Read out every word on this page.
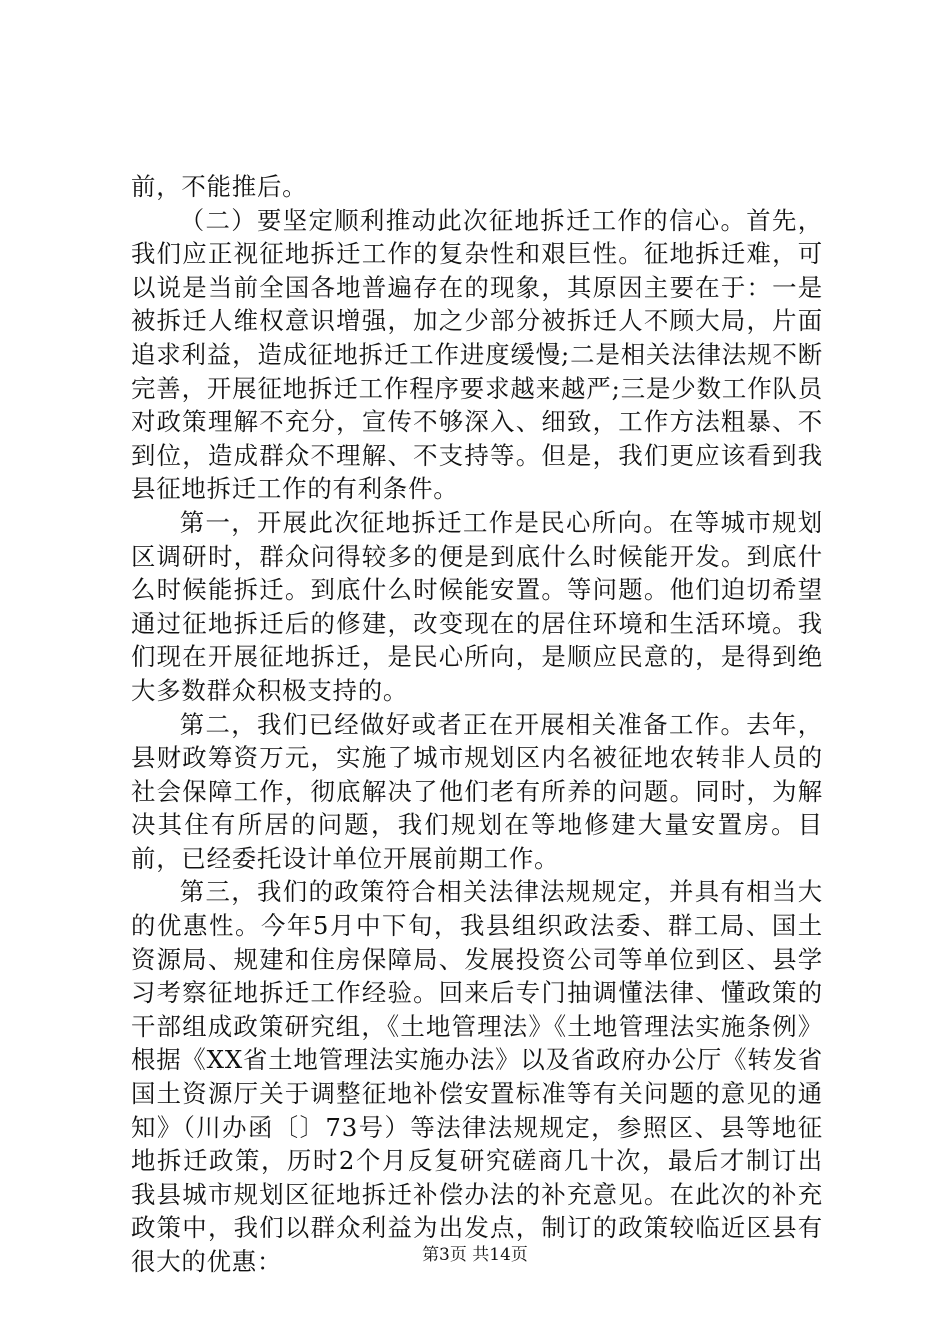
前，不能推后。

（二）要坚定顺利推动此次征地拆迁工作的信心。首先，我们应正视征地拆迁工作的复杂性和艰巨性。征地拆迁难，可以说是当前全国各地普遍存在的现象，其原因主要在于：一是被拆迁人维权意识增强，加之少部分被拆迁人不顾大局，片面追求利益，造成征地拆迁工作进度缓慢;二是相关法律法规不断完善，开展征地拆迁工作程序要求越来越严;三是少数工作队员对政策理解不充分，宣传不够深入、细致，工作方法粗暴、不到位，造成群众不理解、不支持等。但是，我们更应该看到我县征地拆迁工作的有利条件。

第一，开展此次征地拆迁工作是民心所向。在等城市规划区调研时，群众问得较多的便是到底什么时候能开发。到底什么时候能拆迁。到底什么时候能安置。等问题。他们迫切希望通过征地拆迁后的修建，改变现在的居住环境和生活环境。我们现在开展征地拆迁，是民心所向，是顺应民意的，是得到绝大多数群众积极支持的。

第二，我们已经做好或者正在开展相关准备工作。去年，县财政筹资万元，实施了城市规划区内名被征地农转非人员的社会保障工作，彻底解决了他们老有所养的问题。同时，为解决其住有所居的问题，我们规划在等地修建大量安置房。目前，已经委托设计单位开展前期工作。

第三，我们的政策符合相关法律法规规定，并具有相当大的优惠性。今年5月中下旬，我县组织政法委、群工局、国土资源局、规建和住房保障局、发展投资公司等单位到区、县学习考察征地拆迁工作经验。回来后专门抽调懂法律、懂政策的干部组成政策研究组，《土地管理法》《土地管理法实施条例》根据《XX省土地管理法实施办法》以及省政府办公厅《转发省国土资源厅关于调整征地补偿安置标准等有关问题的意见的通知》（川办函〔〕73号）等法律法规规定，参照区、县等地征地拆迁政策，历时2个月反复研究磋商几十次，最后才制订出我县城市规划区征地拆迁补偿办法的补充意见。在此次的补充政策中，我们以群众利益为出发点，制订的政策较临近区县有很大的优惠：	第3页 共14页
